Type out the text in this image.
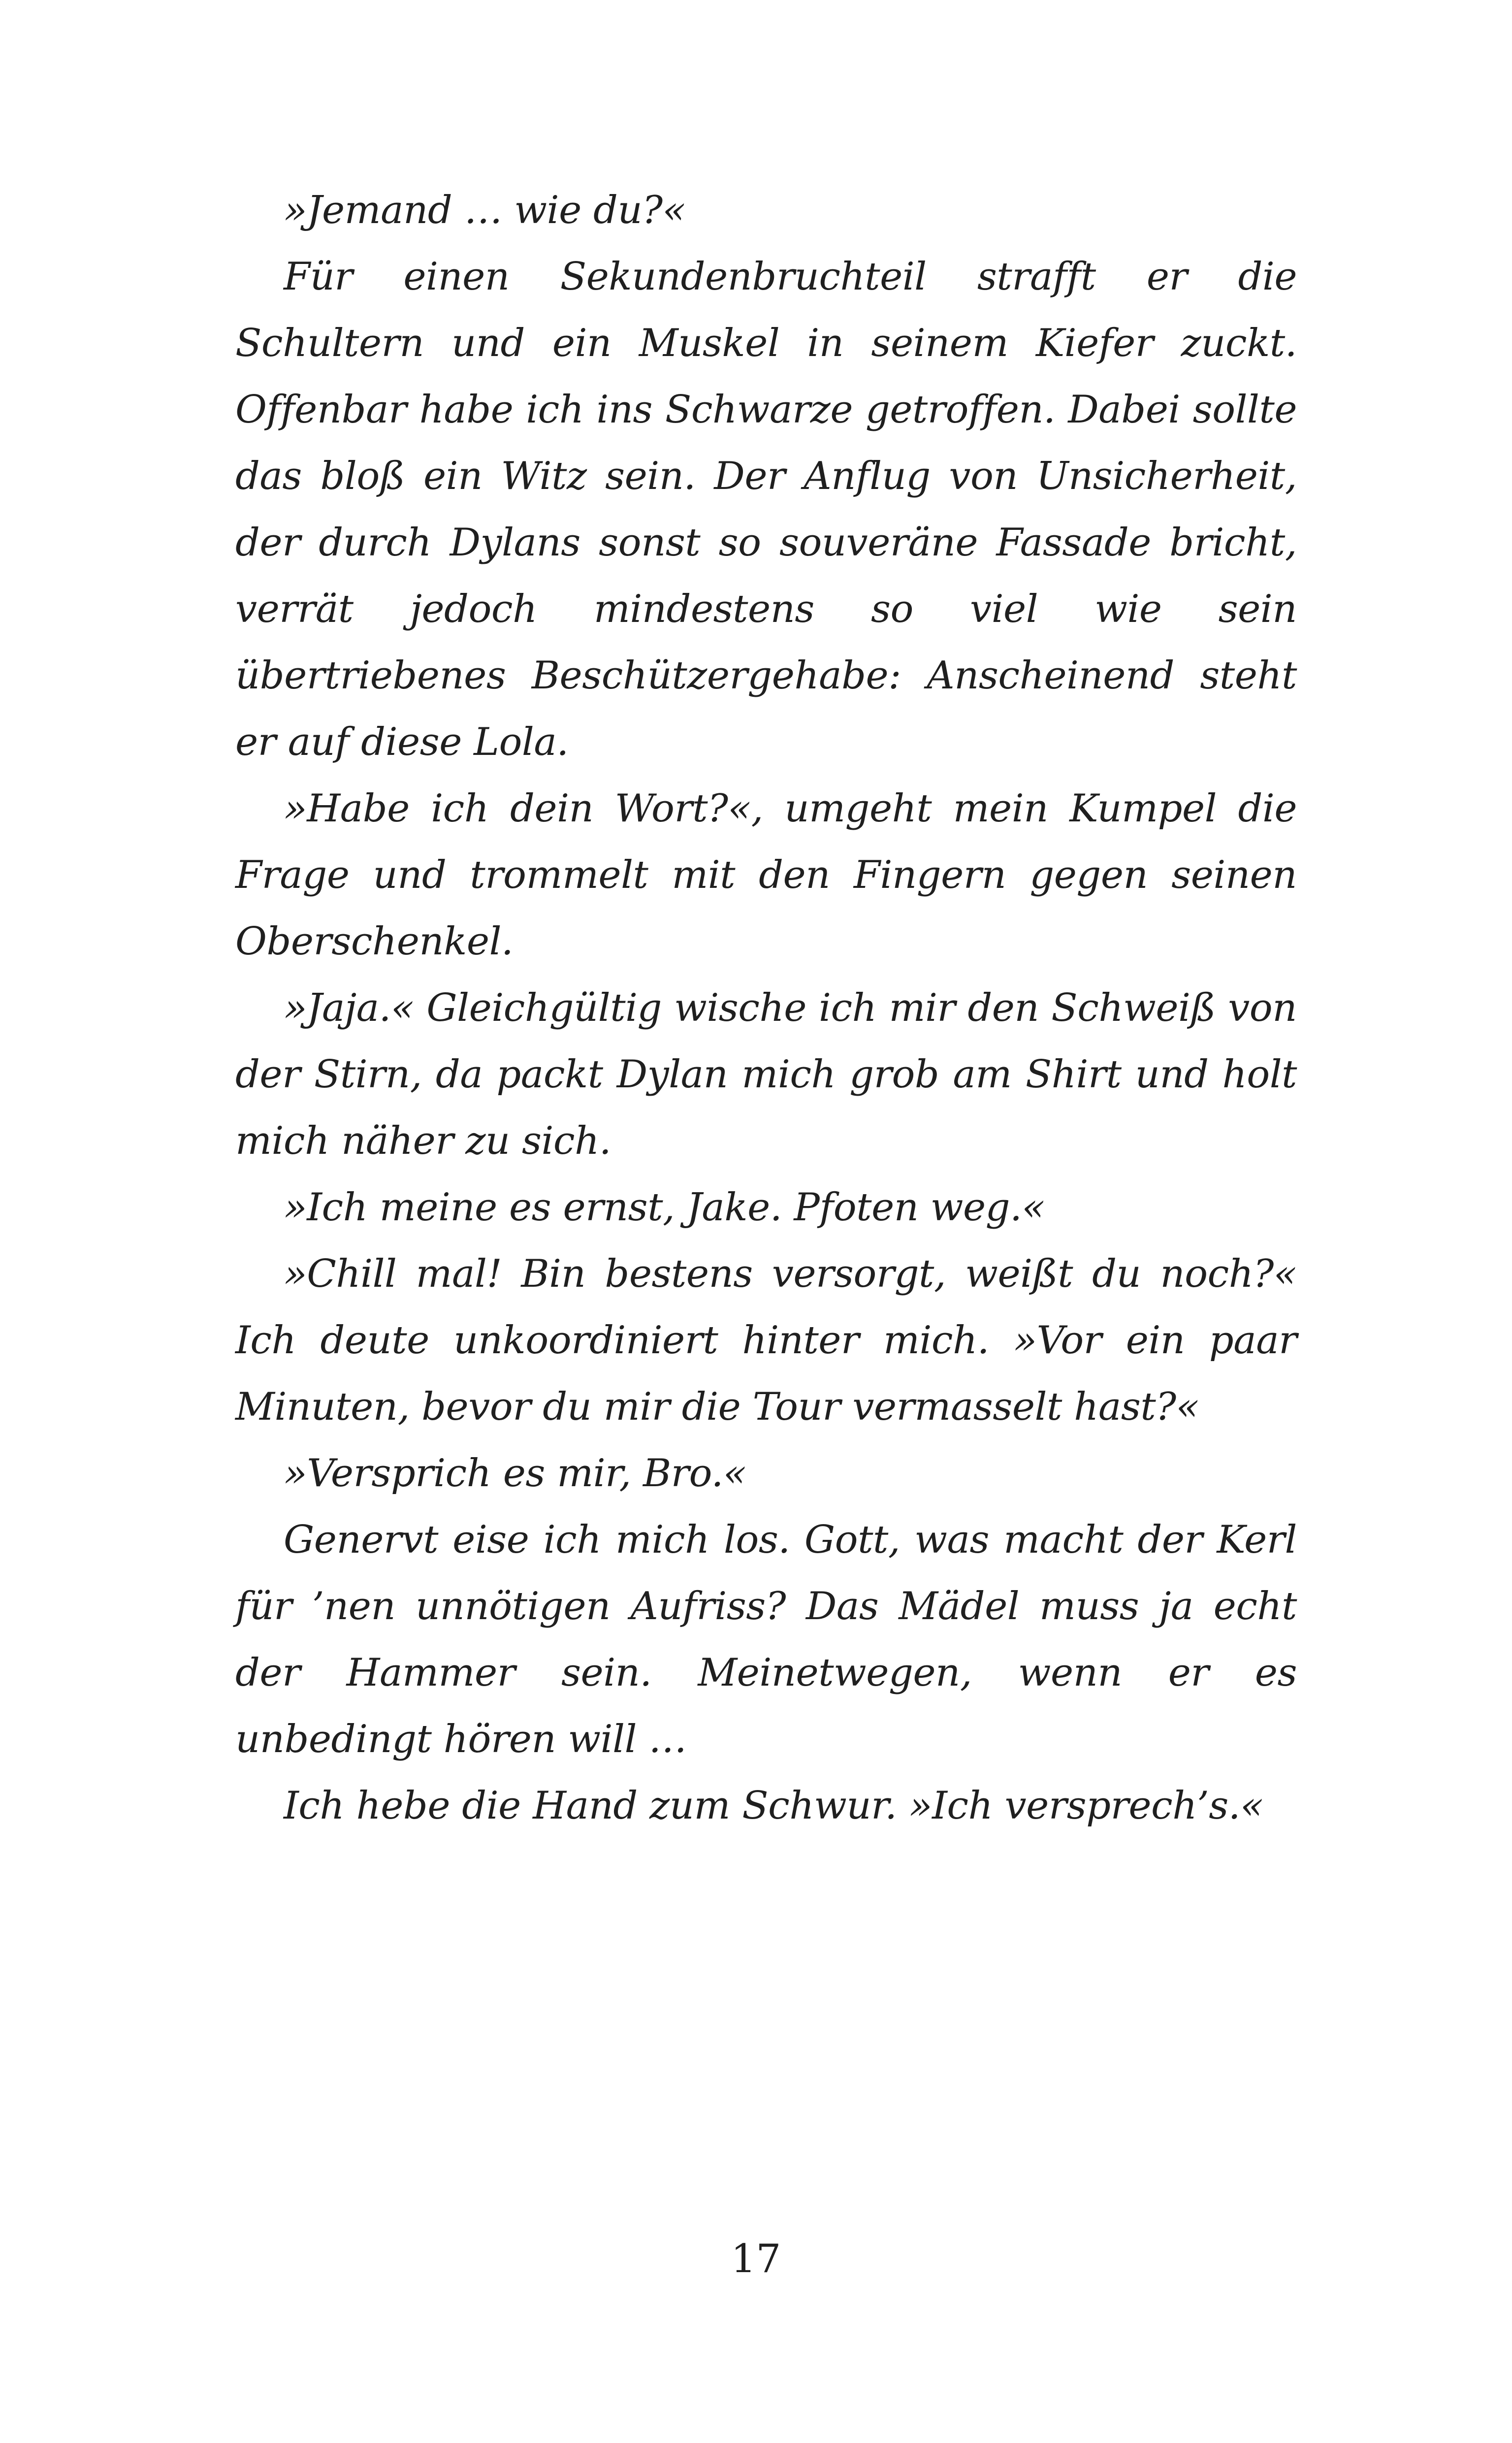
»Jemand … wie du?«

Für einen Sekundenbruchteil strafft er die Schultern und ein Muskel in seinem Kiefer zuckt. Offenbar habe ich ins Schwarze getroffen. Dabei sollte das bloß ein Witz sein. Der Anflug von Unsicherheit, der durch Dylans sonst so souveräne Fassade bricht, verrät jedoch mindestens so viel wie sein übertriebenes Beschützergehabe: Anscheinend steht er auf diese Lola.

»Habe ich dein Wort?«, umgeht mein Kumpel die Frage und trommelt mit den Fingern gegen seinen Oberschenkel.

»Jaja.« Gleichgültig wische ich mir den Schweiß von der Stirn, da packt Dylan mich grob am Shirt und holt mich näher zu sich.

»Ich meine es ernst, Jake. Pfoten weg.«

»Chill mal! Bin bestens versorgt, weißt du noch?« Ich deute unkoordiniert hinter mich. »Vor ein paar Minuten, bevor du mir die Tour vermasselt hast?«

»Versprich es mir, Bro.«

Genervt eise ich mich los. Gott, was macht der Kerl für ’nen unnötigen Aufriss? Das Mädel muss ja echt der Hammer sein. Meinetwegen, wenn er es unbedingt hören will …

Ich hebe die Hand zum Schwur. »Ich versprech’s.«

17
